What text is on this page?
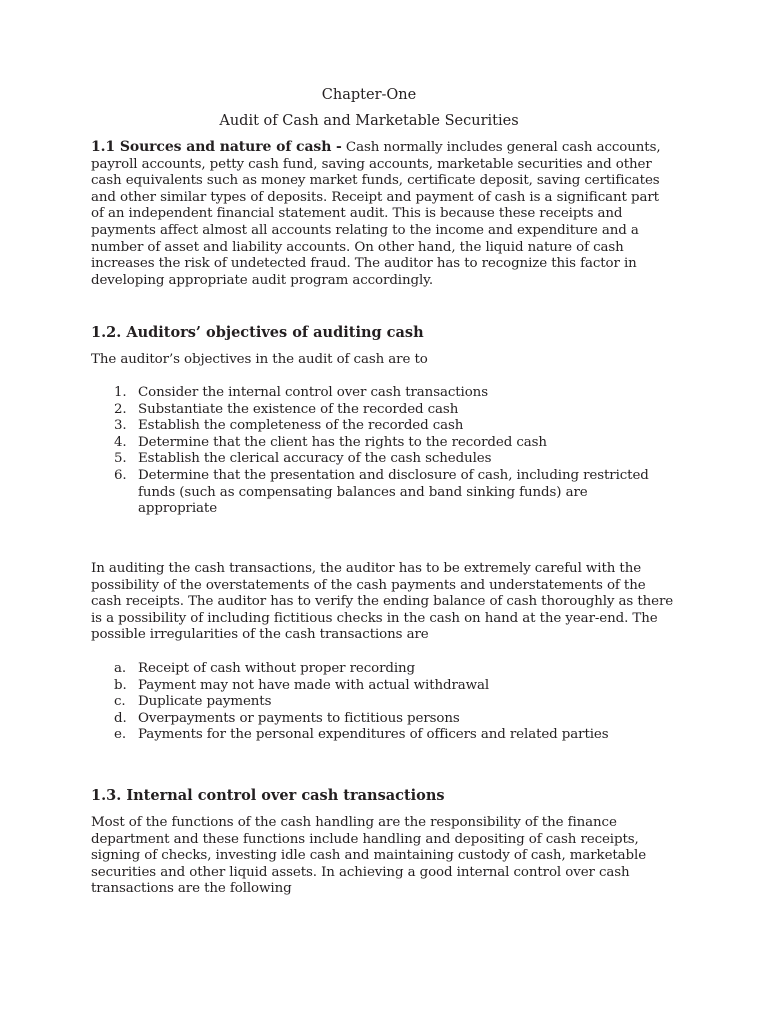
Chapter-One
Audit of Cash and Marketable Securities
1.1 Sources and nature of cash - Cash normally includes general cash accounts,
payroll accounts, petty cash fund, saving accounts, marketable securities and other
cash equivalents such as money market funds, certificate deposit, saving certificates
and other similar types of deposits. Receipt and payment of cash is a significant part
of an independent financial statement audit. This is because these receipts and
payments affect almost all accounts relating to the income and expenditure and a
number of asset and liability accounts. On other hand, the liquid nature of cash
increases the risk of undetected fraud. The auditor has to recognize this factor in
developing appropriate audit program accordingly.
1.2. Auditors’ objectives of auditing cash
The auditor’s objectives in the audit of cash are to
1. Consider the internal control over cash transactions
2. Substantiate the existence of the recorded cash
3. Establish the completeness of the recorded cash
4. Determine that the client has the rights to the recorded cash
5. Establish the clerical accuracy of the cash schedules
6. Determine that the presentation and disclosure of cash, including restricted
funds (such as compensating balances and band sinking funds) are
appropriate
In auditing the cash transactions, the auditor has to be extremely careful with the
possibility of the overstatements of the cash payments and understatements of the
cash receipts. The auditor has to verify the ending balance of cash thoroughly as there
is a possibility of including fictitious checks in the cash on hand at the year-end. The
possible irregularities of the cash transactions are
a. Receipt of cash without proper recording
b. Payment may not have made with actual withdrawal
c. Duplicate payments
d. Overpayments or payments to fictitious persons
e. Payments for the personal expenditures of officers and related parties
1.3. Internal control over cash transactions
Most of the functions of the cash handling are the responsibility of the finance
department and these functions include handling and depositing of cash receipts,
signing of checks, investing idle cash and maintaining custody of cash, marketable
securities and other liquid assets. In achieving a good internal control over cash
transactions are the following
